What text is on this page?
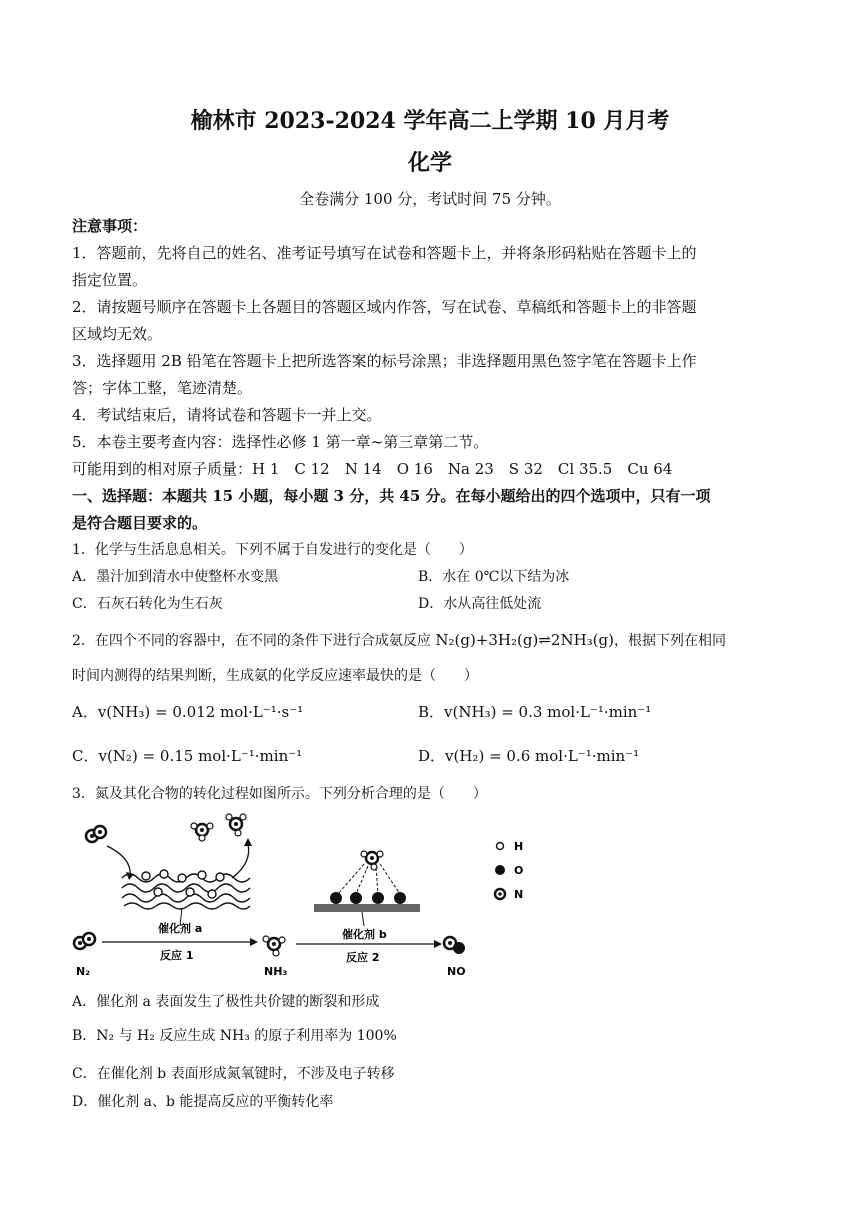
榆林市 2023-2024 学年高二上学期 10 月月考
化学
全卷满分 100 分，考试时间 75 分钟。
注意事项：
1．答题前，先将自己的姓名、准考证号填写在试卷和答题卡上，并将条形码粘贴在答题卡上的
指定位置。
2．请按题号顺序在答题卡上各题目的答题区域内作答，写在试卷、草稿纸和答题卡上的非答题
区域均无效。
3．选择题用 2B 铅笔在答题卡上把所选答案的标号涂黑；非选择题用黑色签字笔在答题卡上作
答；字体工整，笔迹清楚。
4．考试结束后，请将试卷和答题卡一并上交。
5．本卷主要考查内容：选择性必修 1 第一章~第三章第二节。
可能用到的相对原子质量：H 1　C 12　N 14　O 16　Na 23　S 32　Cl 35.5　Cu 64
一、选择题：本题共 15 小题，每小题 3 分，共 45 分。在每小题给出的四个选项中，只有一项
是符合题目要求的。
1．化学与生活息息相关。下列不属于自发进行的变化是（　　）
A．墨汁加到清水中使整杯水变黑	B．水在 0℃以下结为冰
C．石灰石转化为生石灰	D．水从高往低处流
2．在四个不同的容器中，在不同的条件下进行合成氨反应 N₂(g)+3H₂(g)⇌2NH₃(g)，根据下列在相同
时间内测得的结果判断，生成氨的化学反应速率最快的是（　　）
A．v(NH₃) = 0.012 mol·L⁻¹·s⁻¹	B．v(NH₃) = 0.3 mol·L⁻¹·min⁻¹
C．v(N₂) = 0.15 mol·L⁻¹·min⁻¹	D．v(H₂) = 0.6 mol·L⁻¹·min⁻¹
3．氮及其化合物的转化过程如图所示。下列分析合理的是（　　）
H
O
N
N₂
催化剂 a
反应 1
NH₃
催化剂 b
反应 2
NO
A．催化剂 a 表面发生了极性共价键的断裂和形成
B．N₂ 与 H₂ 反应生成 NH₃ 的原子利用率为 100%
C．在催化剂 b 表面形成氮氧键时，不涉及电子转移
D．催化剂 a、b 能提高反应的平衡转化率
